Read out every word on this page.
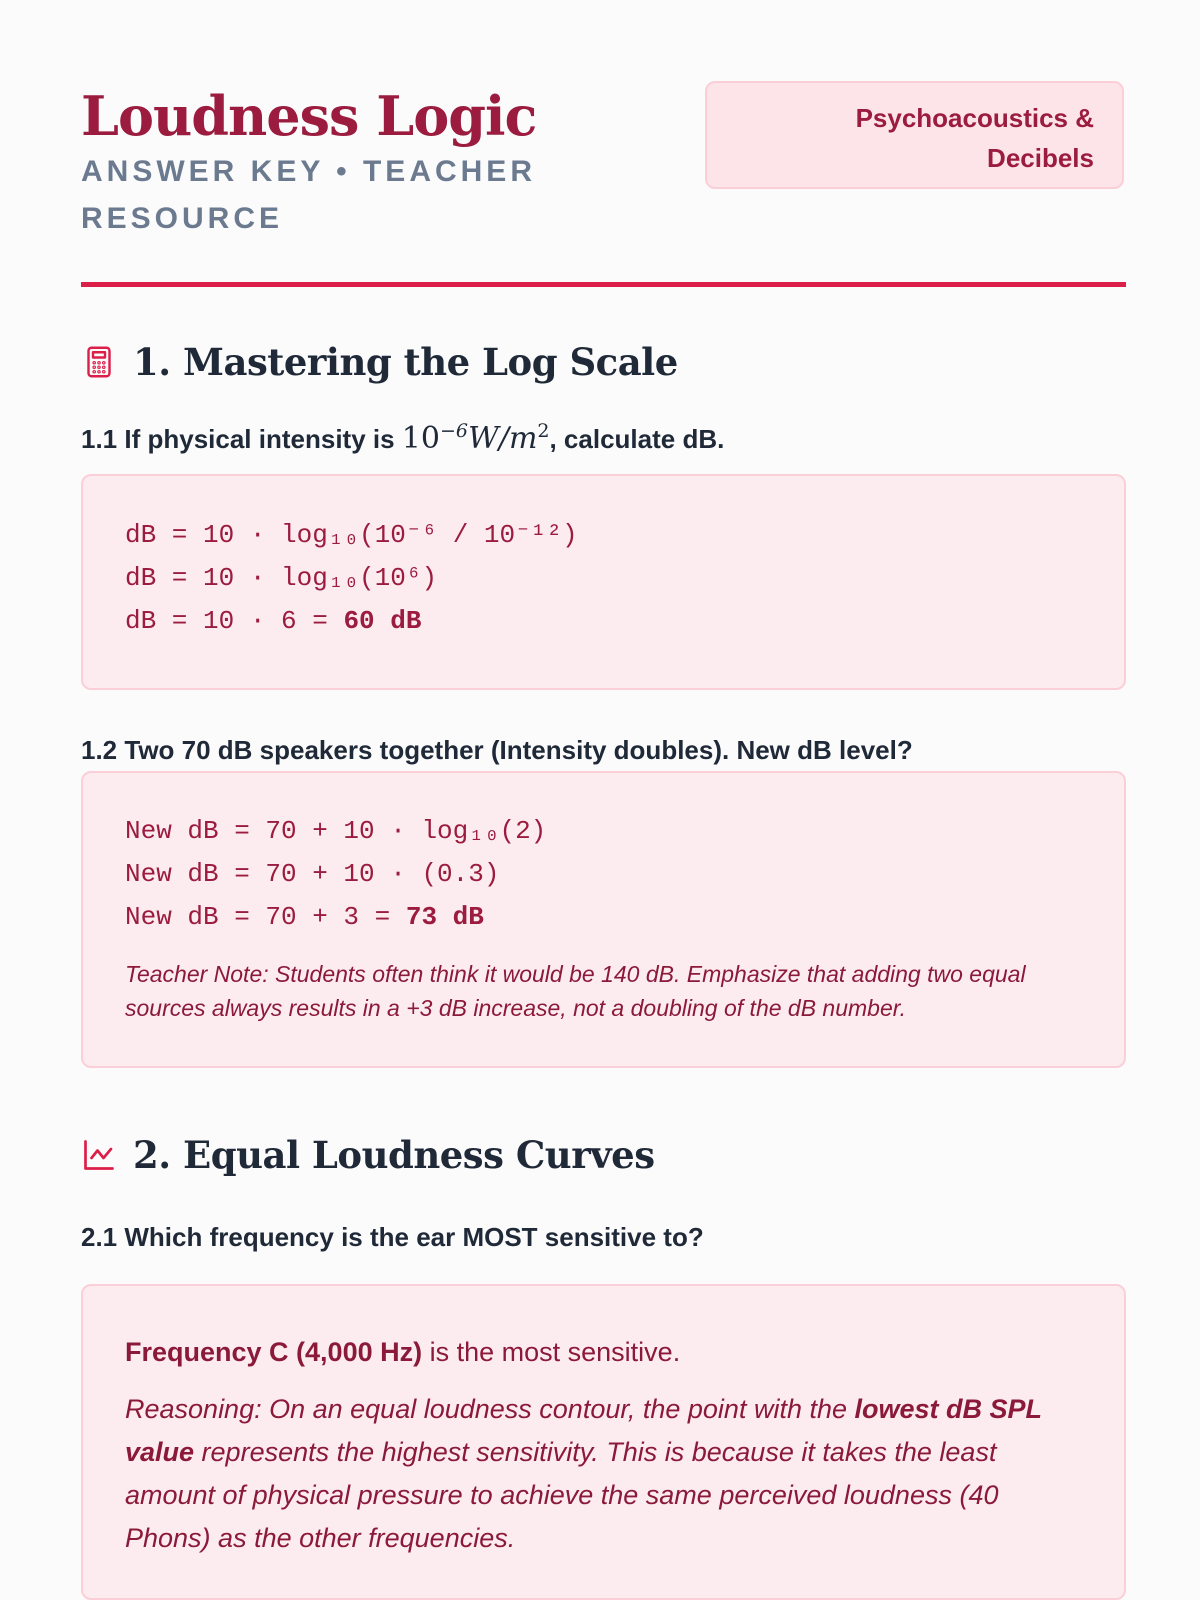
Loudness Logic
ANSWER KEY • TEACHER RESOURCE
Psychoacoustics & Decibels
1. Mastering the Log Scale
1.1 If physical intensity is $10^{-6}W/m^2$, calculate dB.
dB = 10 · log₁₀(10⁻⁶ / 10⁻¹²)
dB = 10 · log₁₀(10⁶)
dB = 10 · 6 = 60 dB
1.2 Two 70 dB speakers together (Intensity doubles). New dB level?
New dB = 70 + 10 · log₁₀(2)
New dB = 70 + 10 · (0.3)
New dB = 70 + 3 = 73 dB
Teacher Note: Students often think it would be 140 dB. Emphasize that adding two equal sources always results in a +3 dB increase, not a doubling of the dB number.
2. Equal Loudness Curves
2.1 Which frequency is the ear MOST sensitive to?
Frequency C (4,000 Hz) is the most sensitive.
Reasoning: On an equal loudness contour, the point with the lowest dB SPL value represents the highest sensitivity. This is because it takes the least amount of physical pressure to achieve the same perceived loudness (40 Phons) as the other frequencies.
